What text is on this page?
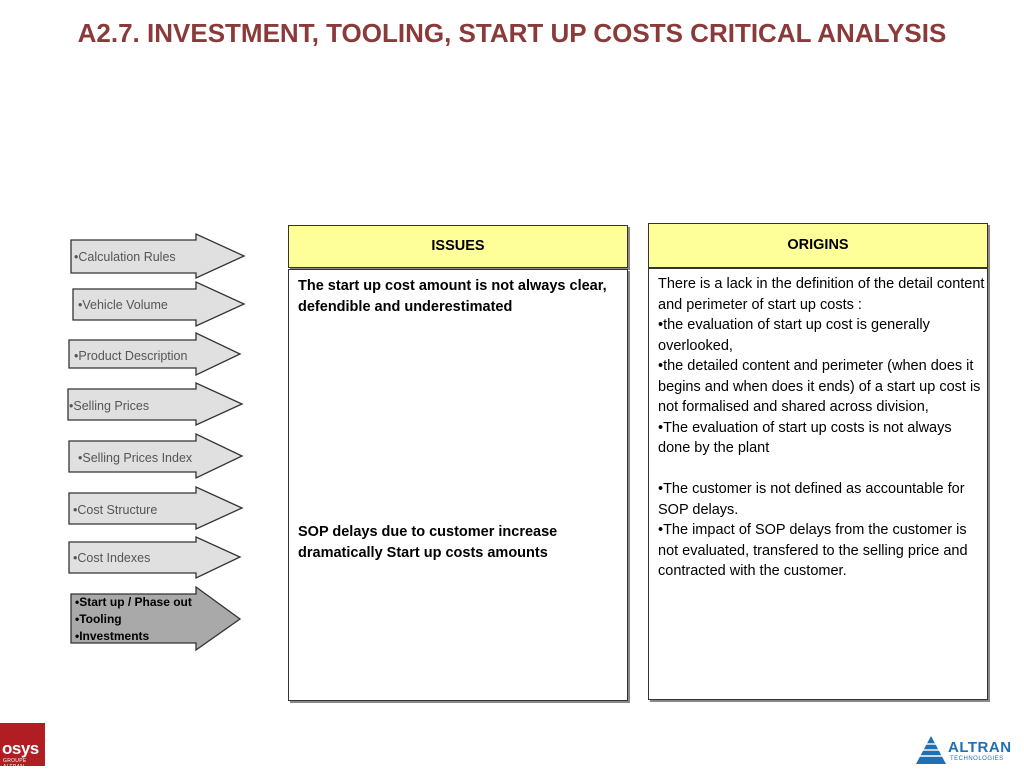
A2.7. INVESTMENT, TOOLING, START UP COSTS CRITICAL ANALYSIS
•Calculation Rules
•Vehicle Volume
•Product Description
•Selling Prices
•Selling Prices Index
•Cost Structure
•Cost Indexes
•Start up / Phase out
•Tooling
•Investments
ISSUES
The start up cost amount is not always clear, defendible and underestimated
SOP delays due to customer increase dramatically Start up costs amounts
ORIGINS
There is a lack in the definition of the detail content and perimeter of start up costs :
•the evaluation of start up cost is generally overlooked,
•the detailed content and perimeter (when does it begins and when does it ends) of a start up cost is not formalised and shared across division,
•The evaluation of start up costs is not always done by the plant
•The customer is not defined as accountable for SOP delays.
•The impact of SOP delays from the customer is not evaluated, transfered to the selling price and contracted with the customer.
osys
GROUPE ALTRAN
ALTRAN
TECHNOLOGIES
